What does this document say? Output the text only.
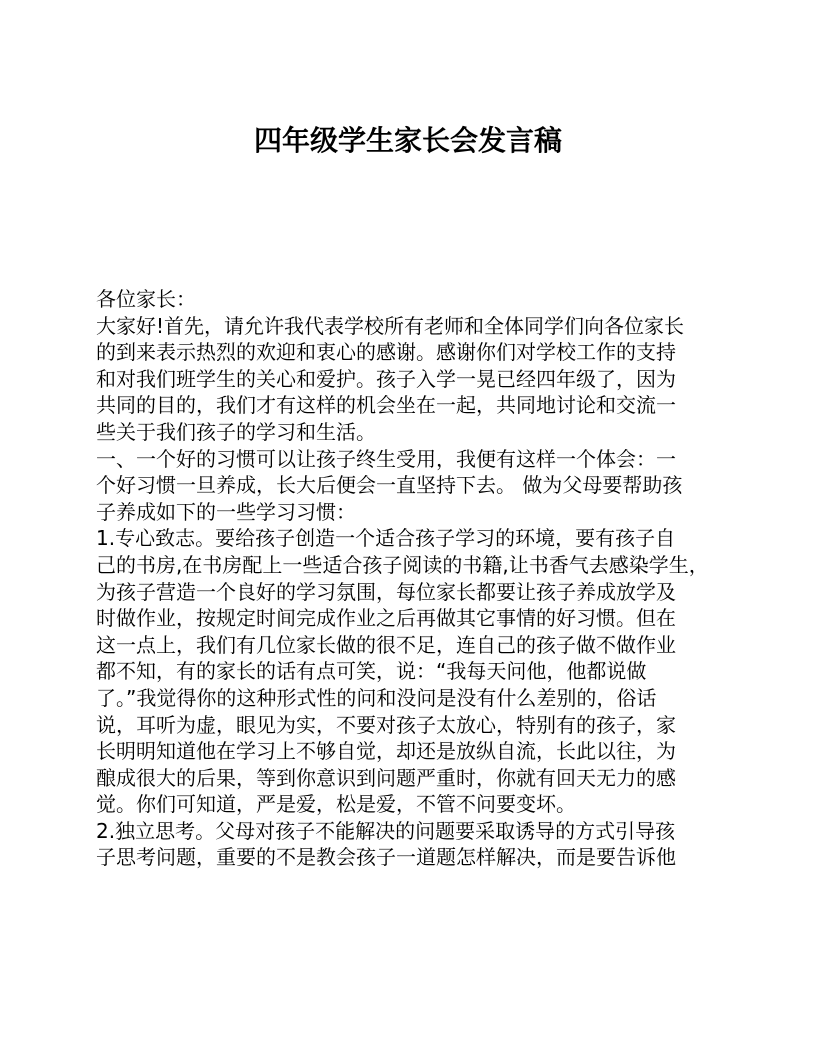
四年级学生家长会发言稿
各位家长：
大家好!首先，请允许我代表学校所有老师和全体同学们向各位家长
的到来表示热烈的欢迎和衷心的感谢。感谢你们对学校工作的支持
和对我们班学生的关心和爱护。孩子入学一晃已经四年级了，因为
共同的目的，我们才有这样的机会坐在一起，共同地讨论和交流一
些关于我们孩子的学习和生活。
一、一个好的习惯可以让孩子终生受用，我便有这样一个体会：一
个好习惯一旦养成，长大后便会一直坚持下去。 做为父母要帮助孩
子养成如下的一些学习习惯：
1.专心致志。要给孩子创造一个适合孩子学习的环境，要有孩子自
己的书房,在书房配上一些适合孩子阅读的书籍,让书香气去感染学生，
为孩子营造一个良好的学习氛围，每位家长都要让孩子养成放学及
时做作业，按规定时间完成作业之后再做其它事情的好习惯。但在
这一点上，我们有几位家长做的很不足，连自己的孩子做不做作业
都不知，有的家长的话有点可笑，说：“我每天问他，他都说做
了。”我觉得你的这种形式性的问和没问是没有什么差别的，俗话
说，耳听为虚，眼见为实，不要对孩子太放心，特别有的孩子，家
长明明知道他在学习上不够自觉，却还是放纵自流，长此以往，为
酿成很大的后果，等到你意识到问题严重时，你就有回天无力的感
觉。你们可知道，严是爱，松是爱，不管不问要变坏。
2.独立思考。父母对孩子不能解决的问题要采取诱导的方式引导孩
子思考问题，重要的不是教会孩子一道题怎样解决，而是要告诉他
